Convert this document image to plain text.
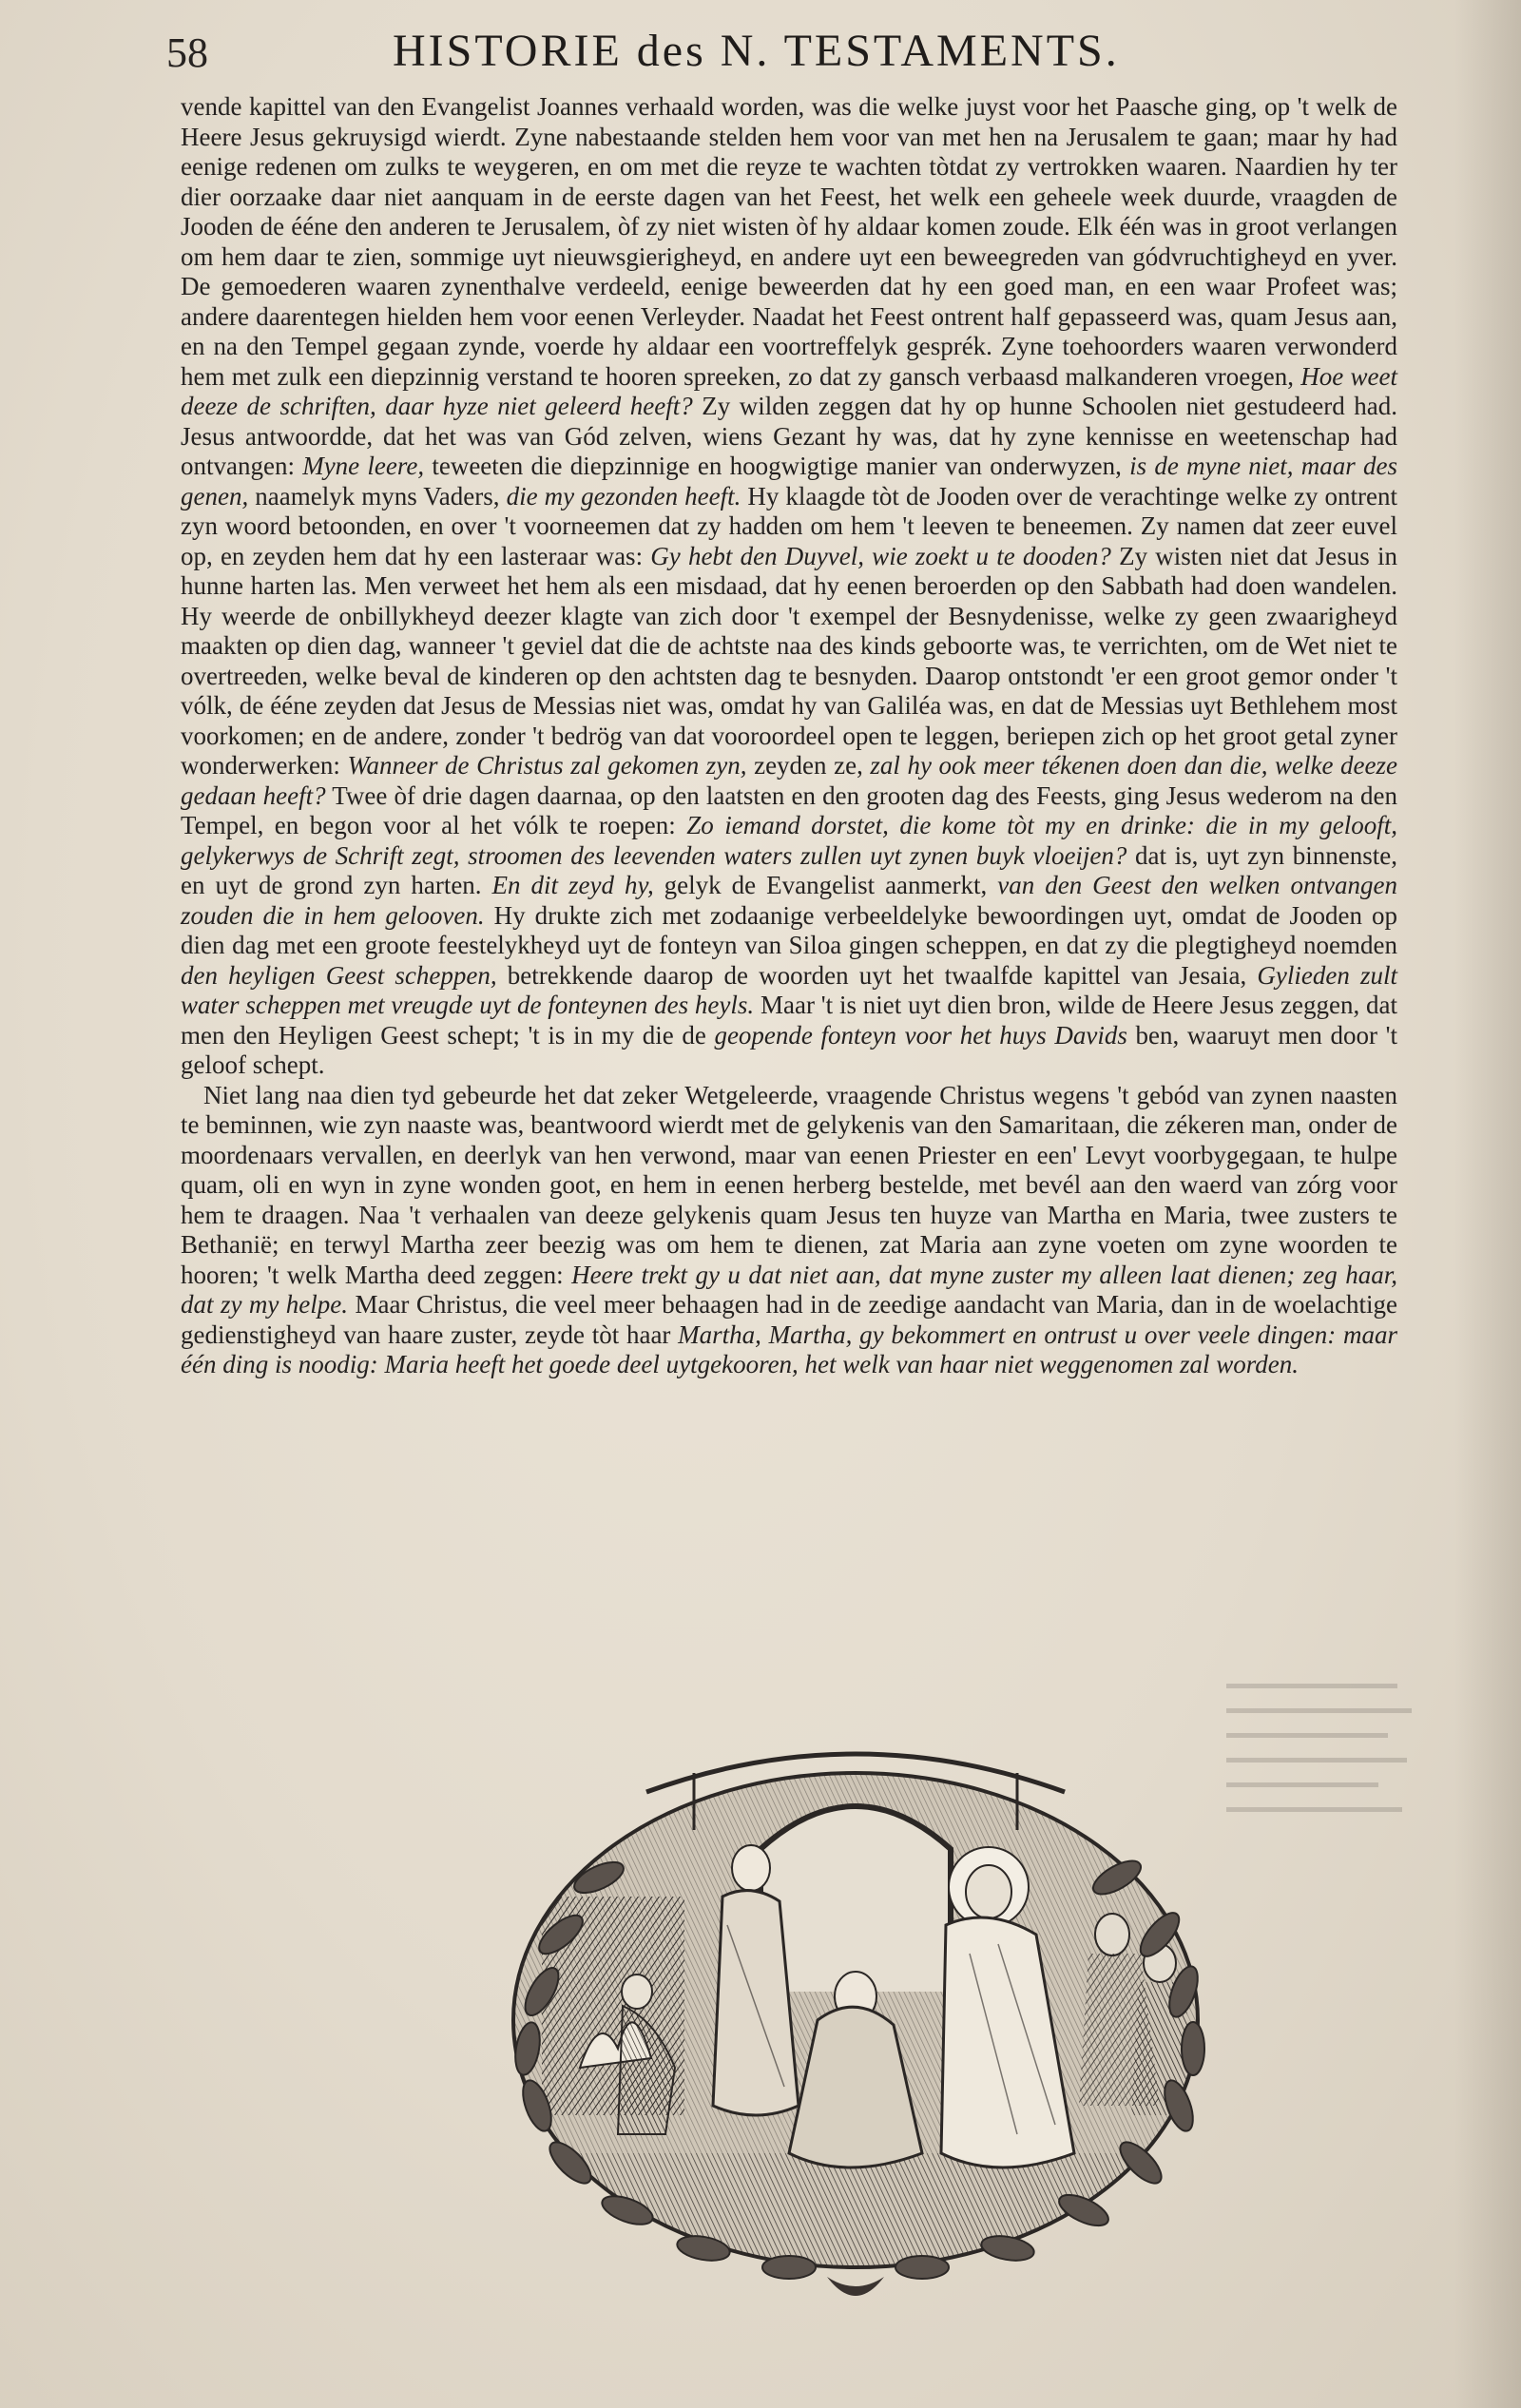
58	HISTORIE des N. TESTAMENTS.

vende kapittel van den Evangelist Joannes verhaald worden, was die welke juyst voor het Paasche ging, op 't welk de Heere Jesus gekruysigd wierdt. Zyne nabestaande stelden hem voor van met hen na Jerusalem te gaan; maar hy had eenige redenen om zulks te weygeren, en om met die reyze te wachten tòtdat zy vertrokken waaren. Naardien hy ter dier oorzaake daar niet aanquam in de eerste dagen van het Feest, het welk een geheele week duurde, vraagden de Jooden de ééne den anderen te Jerusalem, òf zy niet wisten òf hy aldaar komen zoude. Elk één was in groot verlangen om hem daar te zien, sommige uyt nieuwsgierigheyd, en andere uyt een beweegreden van gódvruchtigheyd en yver. De gemoederen waaren zynenthalve verdeeld, eenige beweerden dat hy een goed man, en een waar Profeet was; andere daarentegen hielden hem voor eenen Verleyder. Naadat het Feest ontrent half gepasseerd was, quam Jesus aan, en na den Tempel gegaan zynde, voerde hy aldaar een voortreffelyk gesprék. Zyne toehoorders waaren verwonderd hem met zulk een diepzinnig verstand te hooren spreeken, zo dat zy gansch verbaasd malkanderen vroegen, Hoe weet deeze de schriften, daar hyze niet geleerd heeft? Zy wilden zeggen dat hy op hunne Schoolen niet gestudeerd had. Jesus antwoordde, dat het was van Gód zelven, wiens Gezant hy was, dat hy zyne kennisse en weetenschap had ontvangen: Myne leere, teweeten die diepzinnige en hoogwigtige manier van onderwyzen, is de myne niet, maar des genen, naamelyk myns Vaders, die my gezonden heeft. Hy klaagde tòt de Jooden over de verachtinge welke zy ontrent zyn woord betoonden, en over 't voorneemen dat zy hadden om hem 't leeven te beneemen. Zy namen dat zeer euvel op, en zeyden hem dat hy een lasteraar was: Gy hebt den Duyvel, wie zoekt u te dooden? Zy wisten niet dat Jesus in hunne harten las. Men verweet het hem als een misdaad, dat hy eenen beroerden op den Sabbath had doen wandelen. Hy weerde de onbillykheyd deezer klagte van zich door 't exempel der Besnydenisse, welke zy geen zwaarigheyd maakten op dien dag, wanneer 't geviel dat die de achtste naa des kinds geboorte was, te verrichten, om de Wet niet te overtreeden, welke beval de kinderen op den achtsten dag te besnyden. Daarop ontstondt 'er een groot gemor onder 't vólk, de ééne zeyden dat Jesus de Messias niet was, omdat hy van Galiléa was, en dat de Messias uyt Bethlehem most voorkomen; en de andere, zonder 't bedrög van dat vooroordeel open te leggen, beriepen zich op het groot getal zyner wonderwerken: Wanneer de Christus zal gekomen zyn, zeyden ze, zal hy ook meer tékenen doen dan die, welke deeze gedaan heeft? Twee òf drie dagen daarnaa, op den laatsten en den grooten dag des Feests, ging Jesus wederom na den Tempel, en begon voor al het vólk te roepen: Zo iemand dorstet, die kome tòt my en drinke: die in my gelooft, gelykerwys de Schrift zegt, stroomen des leevenden waters zullen uyt zynen buyk vloeijen? dat is, uyt zyn binnenste, en uyt de grond zyn harten. En dit zeyd hy, gelyk de Evangelist aanmerkt, van den Geest den welken ontvangen zouden die in hem gelooven. Hy drukte zich met zodaanige verbeeldelyke bewoordingen uyt, omdat de Jooden op dien dag met een groote feestelykheyd uyt de fonteyn van Siloa gingen scheppen, en dat zy die plegtigheyd noemden den heyligen Geest scheppen, betrekkende daarop de woorden uyt het twaalfde kapittel van Jesaia, Gylieden zult water scheppen met vreugde uyt de fonteynen des heyls. Maar 't is niet uyt dien bron, wilde de Heere Jesus zeggen, dat men den Heyligen Geest schept; 't is in my die de geopende fonteyn voor het huys Davids ben, waaruyt men door 't geloof schept.

Niet lang naa dien tyd gebeurde het dat zeker Wetgeleerde, vraagende Christus wegens 't gebód van zynen naasten te beminnen, wie zyn naaste was, beantwoord wierdt met de gelykenis van den Samaritaan, die zékeren man, onder de moordenaars vervallen, en deerlyk van hen verwond, maar van eenen Priester en een' Levyt voorbygegaan, te hulpe quam, oli en wyn in zyne wonden goot, en hem in eenen herberg bestelde, met bevél aan den waerd van zórg voor hem te draagen. Naa 't verhaalen van deeze gelykenis quam Jesus ten huyze van Martha en Maria, twee zusters te Bethanië; en terwyl Martha zeer beezig was om hem te dienen, zat Maria aan zyne voeten om zyne woorden te hooren; 't welk Martha deed zeggen: Heere trekt gy u dat niet aan, dat myne zuster my alleen laat dienen; zeg haar, dat zy my helpe. Maar Christus, die veel meer behaagen had in de zeedige aandacht van Maria, dan in de woelachtige gedienstigheyd van haare zuster, zeyde tòt haar Martha, Martha, gy bekommert en ontrust u over veele dingen: maar één ding is noodig: Maria heeft het goede deel uytgekooren, het welk van haar niet weggenomen zal worden.
